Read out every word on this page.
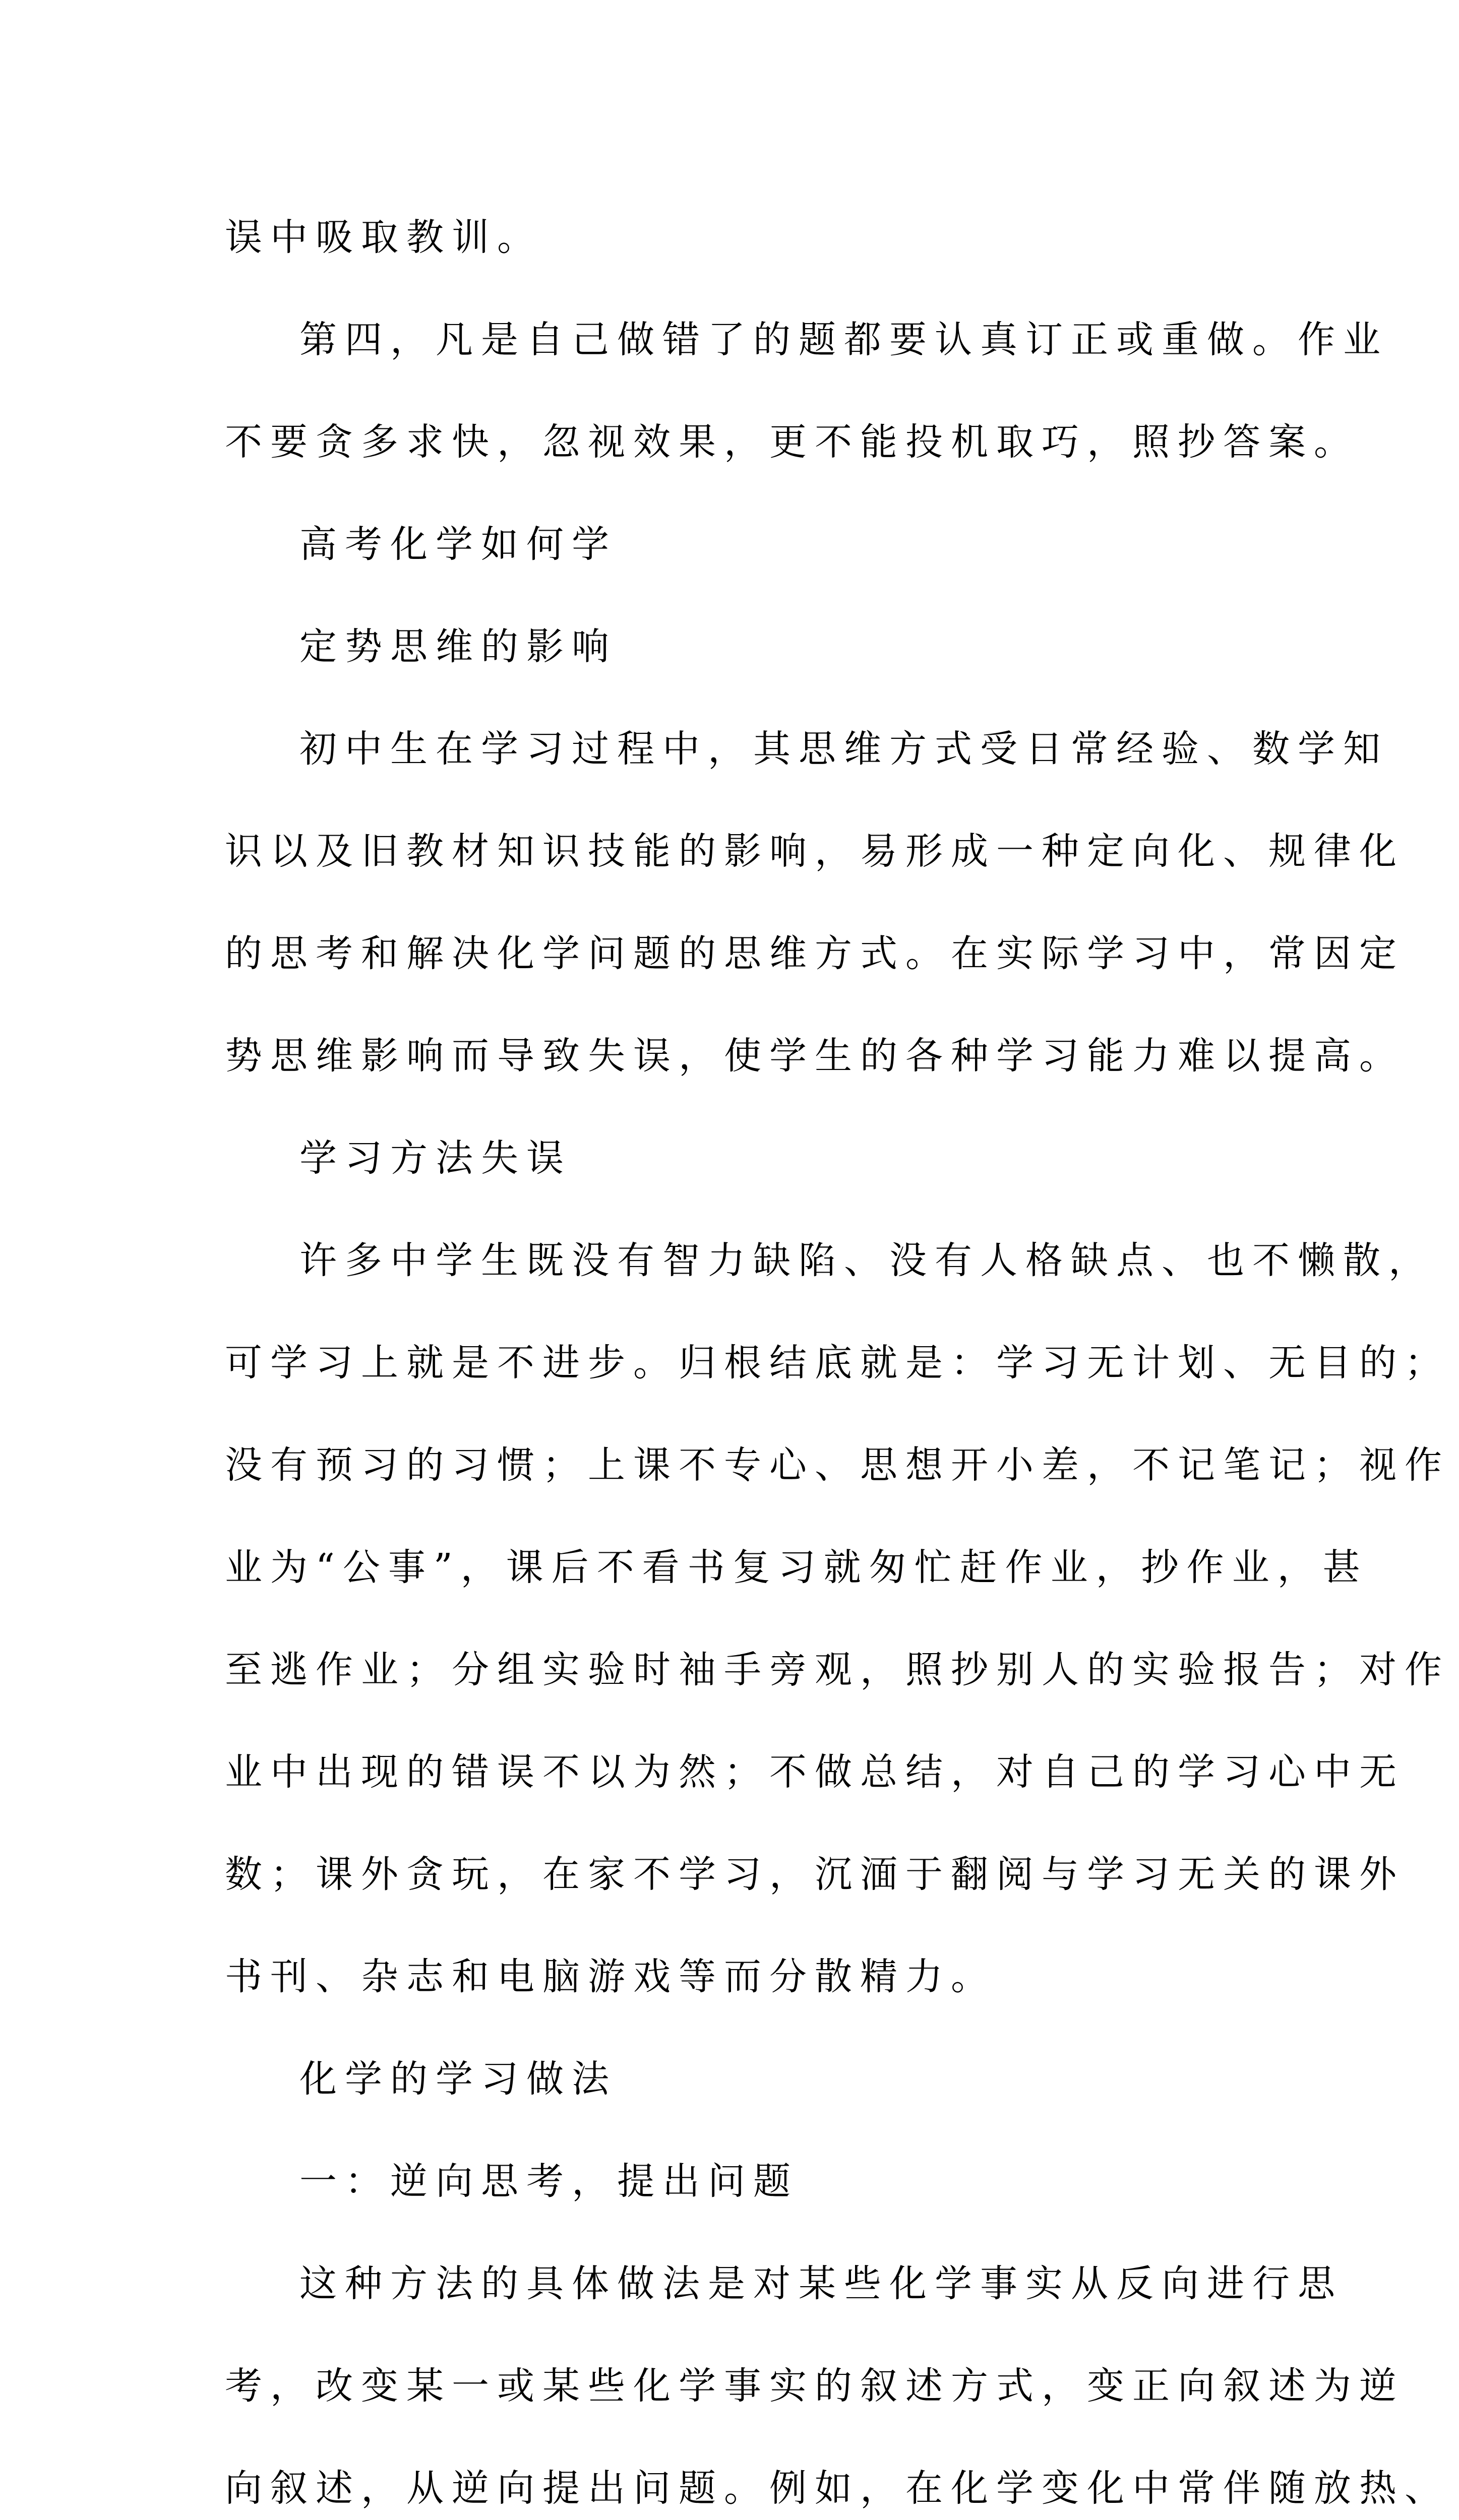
误中吸取教训。
第四，凡是自己做错了的题都要认真订正或重做。作业
不要贪多求快，忽视效果，更不能投机取巧，照抄答案。
高考化学如何学
定势思维的影响
初中生在学习过程中，其思维方式受日常经验、数学知
识以及旧教材知识技能的影响，易形成一种定向化、规律化
的思考和解决化学问题的思维方式。在实际学习中，常因定
势思维影响而导致失误，使学生的各种学习能力难以提高。
学习方法失误
许多中学生既没有智力缺陷、没有人格缺点、也不懒散，
可学习上就是不进步。归根结底就是：学习无计划、无目的；
没有预习的习惯；上课不专心、思想开小差，不记笔记；视作
业为“公事”，课后不看书复习就匆忙赶作业，抄作业，甚
至逃作业；分组实验时袖手旁观，照抄别人的实验报告；对作
业中出现的错误不以为然；不做总结，对自己的学习心中无
数；课外贪玩，在家不学习，沉湎于翻阅与学习无关的课外
书刊、杂志和电脑游戏等而分散精力。
化学的学习做法
一：逆向思考，提出问题
这种方法的具体做法是对某些化学事实从反向进行思
考，改变某一或某些化学事实的叙述方式，变正向叙述为逆
向叙述，从逆向提出问题。例如，在化学变化中常伴随放热、
